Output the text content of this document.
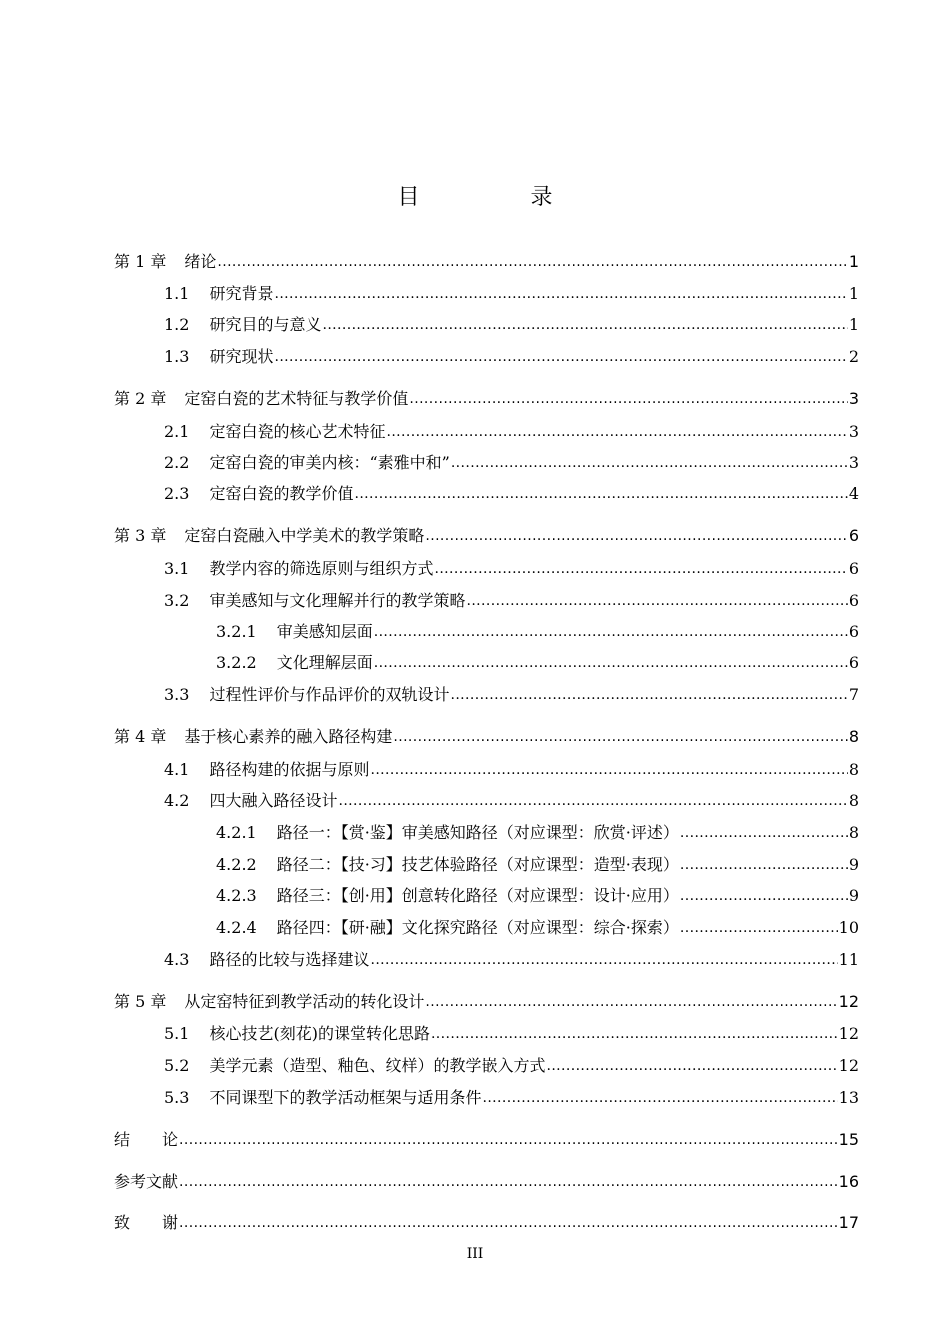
目 录
第 1 章 绪论 .....	1
1.1 研究背景 .....	1
1.2 研究目的与意义 .....	1
1.3 研究现状 .....	2
第 2 章 定窑白瓷的艺术特征与教学价值 .....	3
2.1 定窑白瓷的核心艺术特征 .....	3
2.2 定窑白瓷的审美内核：“素雅中和” .....	3
2.3 定窑白瓷的教学价值 .....	4
第 3 章 定窑白瓷融入中学美术的教学策略 .....	6
3.1 教学内容的筛选原则与组织方式 .....	6
3.2 审美感知与文化理解并行的教学策略 .....	6
3.2.1 审美感知层面 .....	6
3.2.2 文化理解层面 .....	6
3.3 过程性评价与作品评价的双轨设计 .....	7
第 4 章 基于核心素养的融入路径构建 .....	8
4.1 路径构建的依据与原则 .....	8
4.2 四大融入路径设计 .....	8
4.2.1 路径一：【赏·鉴】审美感知路径（对应课型：欣赏·评述） .....	8
4.2.2 路径二：【技·习】技艺体验路径（对应课型：造型·表现） .....	9
4.2.3 路径三：【创·用】创意转化路径（对应课型：设计·应用） .....	9
4.2.4 路径四：【研·融】文化探究路径（对应课型：综合·探索） .....	10
4.3 路径的比较与选择建议 .....	11
第 5 章 从定窑特征到教学活动的转化设计 .....	12
5.1 核心技艺(刻花)的课堂转化思路 .....	12
5.2 美学元素（造型、釉色、纹样）的教学嵌入方式 .....	12
5.3 不同课型下的教学活动框架与适用条件 .....	13
结　　论 .....	15
参考文献 .....	16
致　　谢 .....	17
III
